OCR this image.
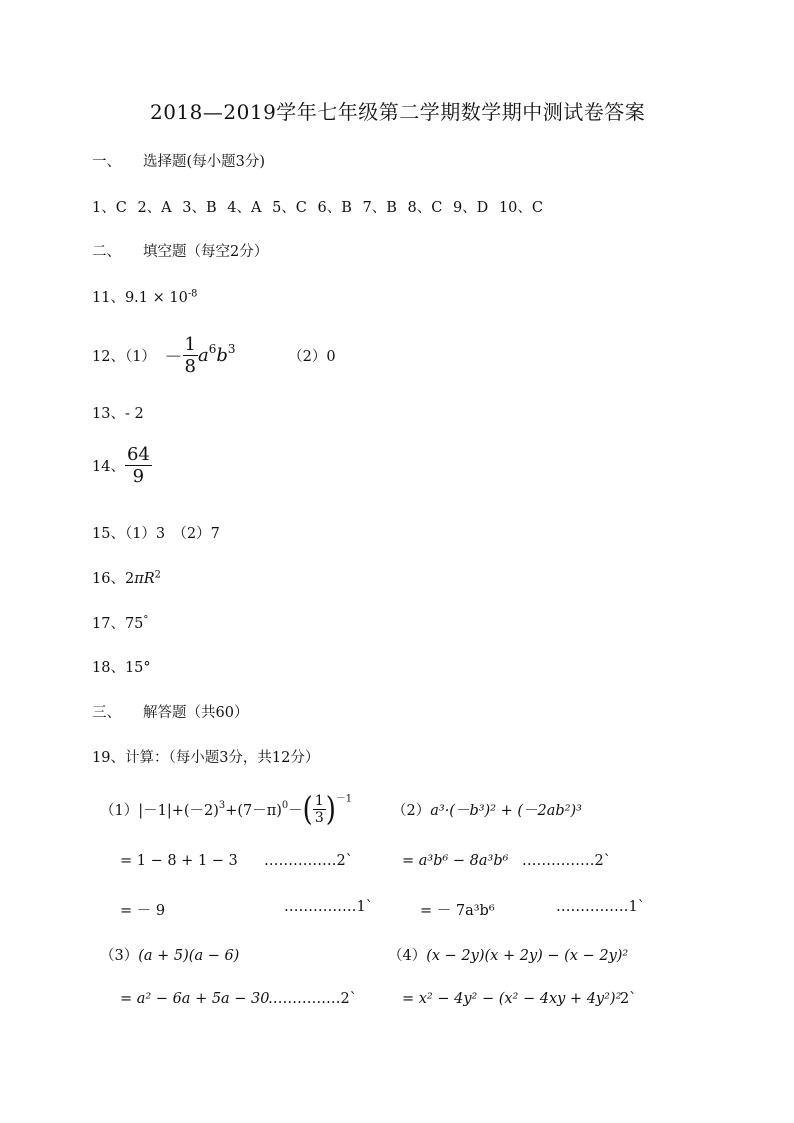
2018—2019学年七年级第二学期数学期中测试卷答案
一、 选择题(每小题3分)
1、C 2、A 3、B 4、A 5、C 6、B 7、B 8、C 9、D 10、C
二、 填空题（每空2分）
11、$9.1 \times 10^{-8}$
12、$(1) - \frac{1}{8} a^6b^3$ （2）0
13、- 2
14、 $\frac{64}{9}$
15、（1）3　（2）7
16、$2\pi R^2$
17、75°
18、15°
三、 解答题（共60）
19、计算：（每小题3分，共12分）
$(1)|-1|+(-2)^3+(7-\pi)^0-( \frac{1}{3} )^{-1}$
= 1 − 8 + 1 − 3 ……………2`
= － 9	……………1`
（2）a³·(－b³)² + (－2ab²)³
= a³b⁶ − 8a³b⁶ ……………2`
= － 7a³b⁶	……………1`
（3）(a + 5)(a − 6)
= a² − 6a + 5a − 30
……………2`
（4）(x − 2y)(x + 2y) − (x − 2y)²
= x² − 4y² − (x² − 4xy + 4y²)²
2`
